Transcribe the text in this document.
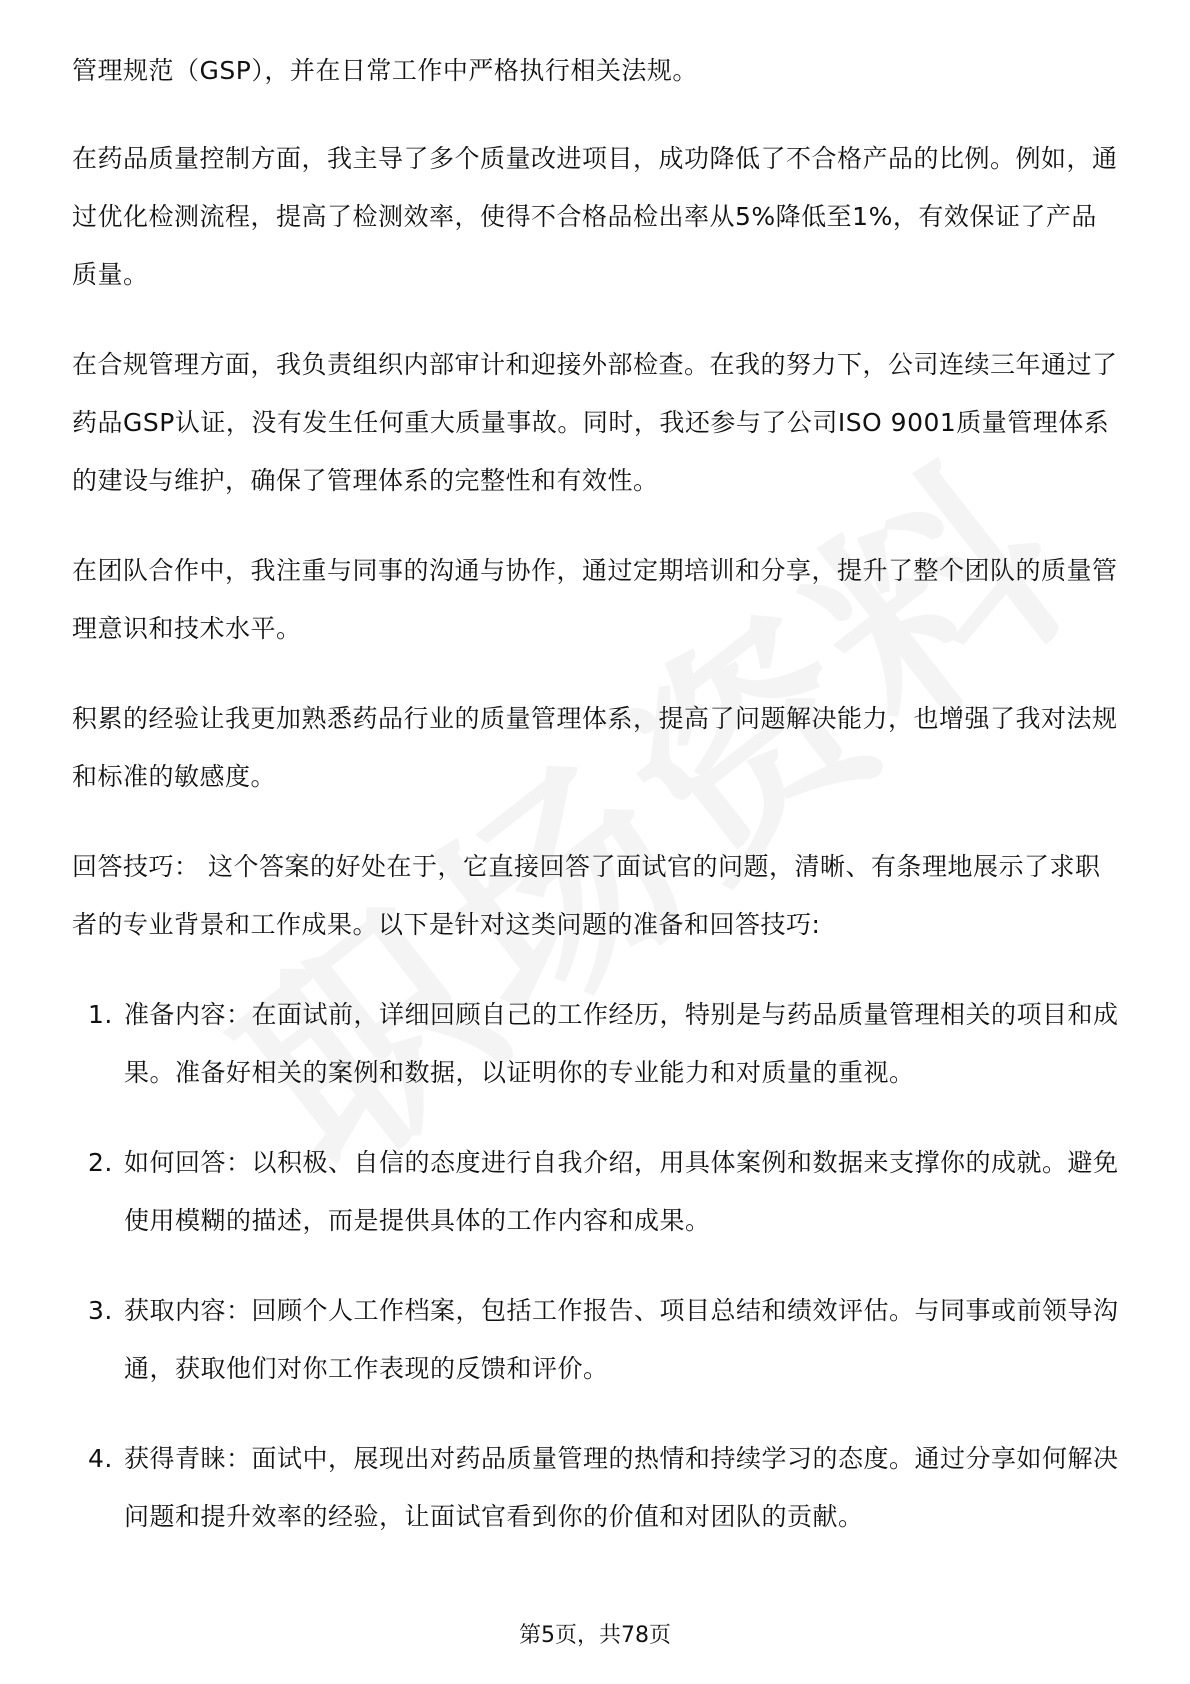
管理规范（GSP），并在日常工作中严格执行相关法规。

在药品质量控制方面，我主导了多个质量改进项目，成功降低了不合格产品的比例。例如，通过优化检测流程，提高了检测效率，使得不合格品检出率从5%降低至1%，有效保证了产品质量。

在合规管理方面，我负责组织内部审计和迎接外部检查。在我的努力下，公司连续三年通过了药品GSP认证，没有发生任何重大质量事故。同时，我还参与了公司ISO 9001质量管理体系的建设与维护，确保了管理体系的完整性和有效性。

在团队合作中，我注重与同事的沟通与协作，通过定期培训和分享，提升了整个团队的质量管理意识和技术水平。

积累的经验让我更加熟悉药品行业的质量管理体系，提高了问题解决能力，也增强了我对法规和标准的敏感度。

回答技巧： 这个答案的好处在于，它直接回答了面试官的问题，清晰、有条理地展示了求职者的专业背景和工作成果。以下是针对这类问题的准备和回答技巧:

1. 准备内容：在面试前，详细回顾自己的工作经历，特别是与药品质量管理相关的项目和成果。准备好相关的案例和数据，以证明你的专业能力和对质量的重视。
2. 如何回答：以积极、自信的态度进行自我介绍，用具体案例和数据来支撑你的成就。避免使用模糊的描述，而是提供具体的工作内容和成果。
3. 获取内容：回顾个人工作档案，包括工作报告、项目总结和绩效评估。与同事或前领导沟通，获取他们对你工作表现的反馈和评价。
4. 获得青睐：面试中，展现出对药品质量管理的热情和持续学习的态度。通过分享如何解决问题和提升效率的经验，让面试官看到你的价值和对团队的贡献。
第5页，共78页
